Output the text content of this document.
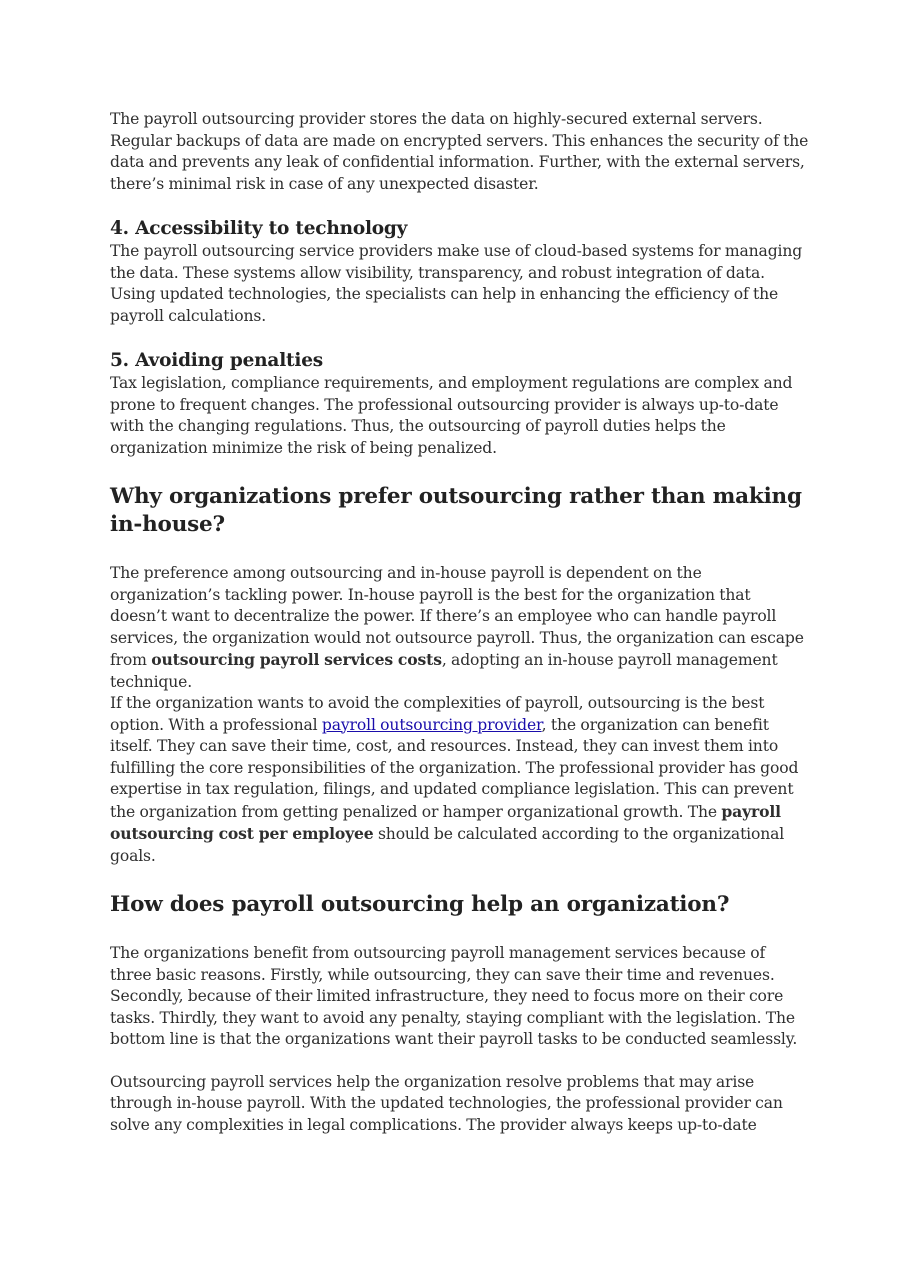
The payroll outsourcing provider stores the data on highly-secured external servers. Regular backups of data are made on encrypted servers. This enhances the security of the data and prevents any leak of confidential information. Further, with the external servers, there’s minimal risk in case of any unexpected disaster.

4. Accessibility to technology

The payroll outsourcing service providers make use of cloud-based systems for managing the data. These systems allow visibility, transparency, and robust integration of data. Using updated technologies, the specialists can help in enhancing the efficiency of the payroll calculations.

5. Avoiding penalties

Tax legislation, compliance requirements, and employment regulations are complex and prone to frequent changes. The professional outsourcing provider is always up-to-date with the changing regulations. Thus, the outsourcing of payroll duties helps the organization minimize the risk of being penalized.

Why organizations prefer outsourcing rather than making in-house?

The preference among outsourcing and in-house payroll is dependent on the organization’s tackling power. In-house payroll is the best for the organization that doesn’t want to decentralize the power. If there’s an employee who can handle payroll services, the organization would not outsource payroll. Thus, the organization can escape from outsourcing payroll services costs, adopting an in-house payroll management technique.

If the organization wants to avoid the complexities of payroll, outsourcing is the best option. With a professional payroll outsourcing provider, the organization can benefit itself. They can save their time, cost, and resources. Instead, they can invest them into fulfilling the core responsibilities of the organization. The professional provider has good expertise in tax regulation, filings, and updated compliance legislation. This can prevent the organization from getting penalized or hamper organizational growth. The payroll outsourcing cost per employee should be calculated according to the organizational goals.

How does payroll outsourcing help an organization?

The organizations benefit from outsourcing payroll management services because of three basic reasons. Firstly, while outsourcing, they can save their time and revenues. Secondly, because of their limited infrastructure, they need to focus more on their core tasks. Thirdly, they want to avoid any penalty, staying compliant with the legislation. The bottom line is that the organizations want their payroll tasks to be conducted seamlessly.

Outsourcing payroll services help the organization resolve problems that may arise through in-house payroll. With the updated technologies, the professional provider can solve any complexities in legal complications. The provider always keeps up-to-date
